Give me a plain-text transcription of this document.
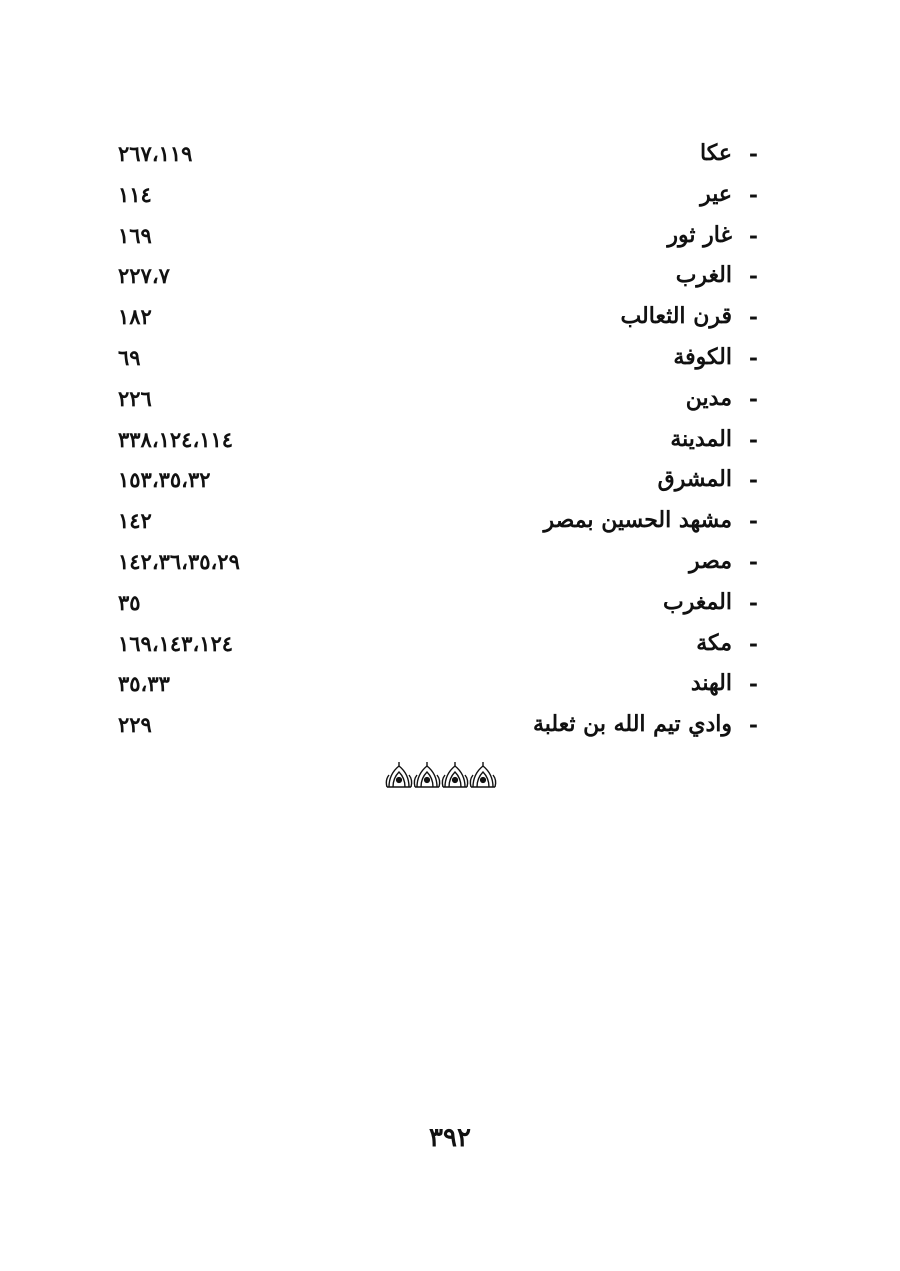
-
عكا
٢٦٧،١١٩
-
عير
١١٤
-
غار ثور
١٦٩
-
الغرب
٢٢٧،٧
-
قرن الثعالب
١٨٢
-
الكوفة
٦٩
-
مدين
٢٢٦
-
المدينة
٣٣٨،١٢٤،١١٤
-
المشرق
١٥٣،٣٥،٣٢
-
مشهد الحسين بمصر
١٤٢
-
مصر
١٤٢،٣٦،٣٥،٢٩
-
المغرب
٣٥
-
مكة
١٦٩،١٤٣،١٢٤
-
الهند
٣٥،٣٣
-
وادي تيم الله بن ثعلبة
٢٢٩
٣٩٢
